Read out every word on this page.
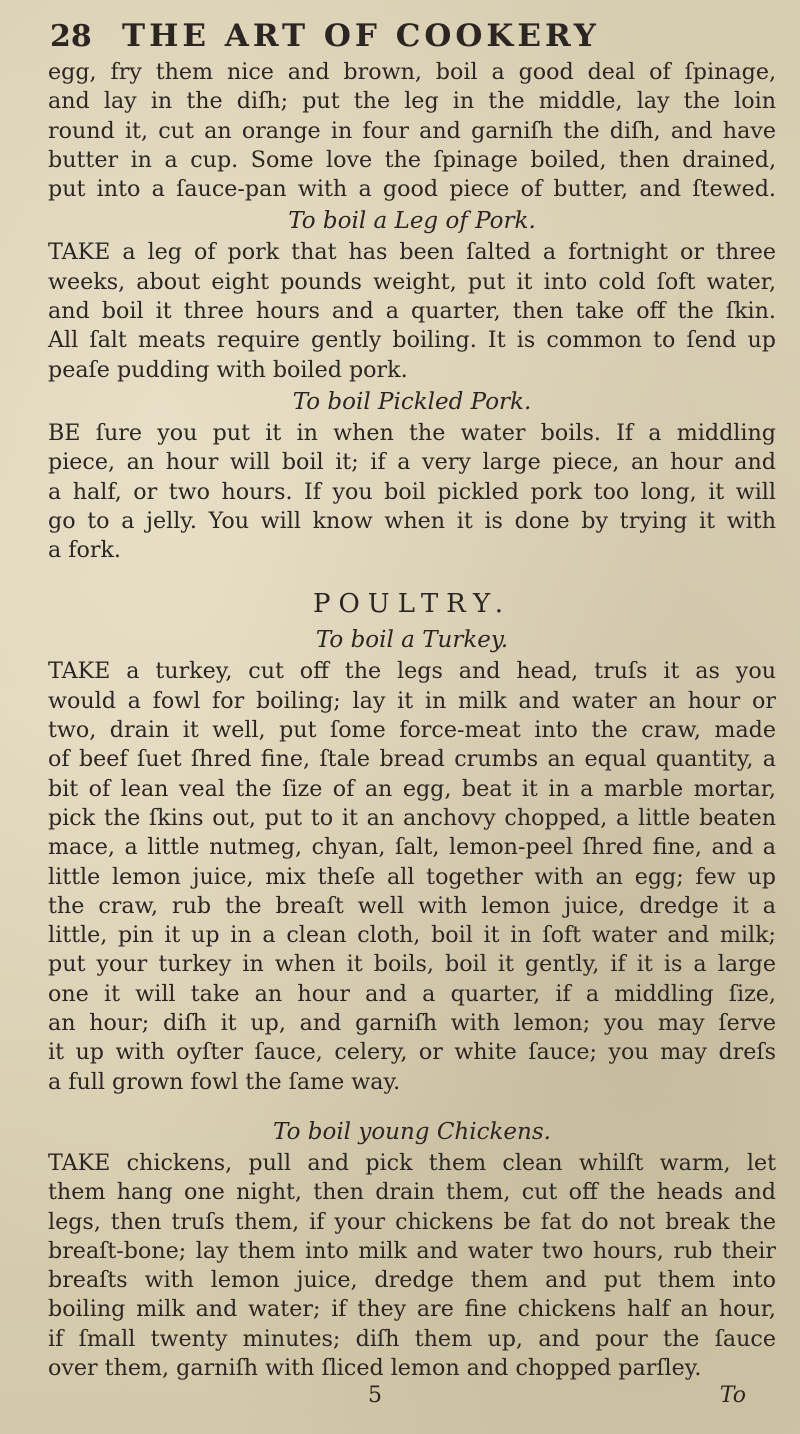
28 THE ART OF COOKERY
egg, fry them nice and brown, boil a good deal of ſpinage,
and lay in the diſh; put the leg in the middle, lay the loin
round it, cut an orange in four and garniſh the diſh, and have
butter in a cup. Some love the ſpinage boiled, then drained,
put into a ſauce-pan with a good piece of butter, and ſtewed.
To boil a Leg of Pork.
TAKE a leg of pork that has been ſalted a fortnight or three
weeks, about eight pounds weight, put it into cold ſoft water,
and boil it three hours and a quarter, then take off the ſkin.
All ſalt meats require gently boiling. It is common to ſend up
peaſe pudding with boiled pork.
To boil Pickled Pork.
BE ſure you put it in when the water boils. If a middling
piece, an hour will boil it; if a very large piece, an hour and
a half, or two hours. If you boil pickled pork too long, it will
go to a jelly. You will know when it is done by trying it with
a fork.
POULTRY.
To boil a Turkey.
TAKE a turkey, cut off the legs and head, truſs it as you
would a fowl for boiling; lay it in milk and water an hour or
two, drain it well, put ſome force-meat into the craw, made
of beef ſuet ſhred fine, ſtale bread crumbs an equal quantity, a
bit of lean veal the ſize of an egg, beat it in a marble mortar,
pick the ſkins out, put to it an anchovy chopped, a little beaten
mace, a little nutmeg, chyan, ſalt, lemon-peel ſhred fine, and a
little lemon juice, mix theſe all together with an egg; few up
the craw, rub the breaſt well with lemon juice, dredge it a
little, pin it up in a clean cloth, boil it in ſoft water and milk;
put your turkey in when it boils, boil it gently, if it is a large
one it will take an hour and a quarter, if a middling ſize,
an hour; diſh it up, and garniſh with lemon; you may ſerve
it up with oyſter ſauce, celery, or white ſauce; you may dreſs
a full grown fowl the ſame way.
To boil young Chickens.
TAKE chickens, pull and pick them clean whilſt warm, let
them hang one night, then drain them, cut off the heads and
legs, then truſs them, if your chickens be fat do not break the
breaſt-bone; lay them into milk and water two hours, rub their
breaſts with lemon juice, dredge them and put them into
boiling milk and water; if they are fine chickens half an hour,
if ſmall twenty minutes; diſh them up, and pour the ſauce
over them, garniſh with ſliced lemon and chopped parſley.
5	To
